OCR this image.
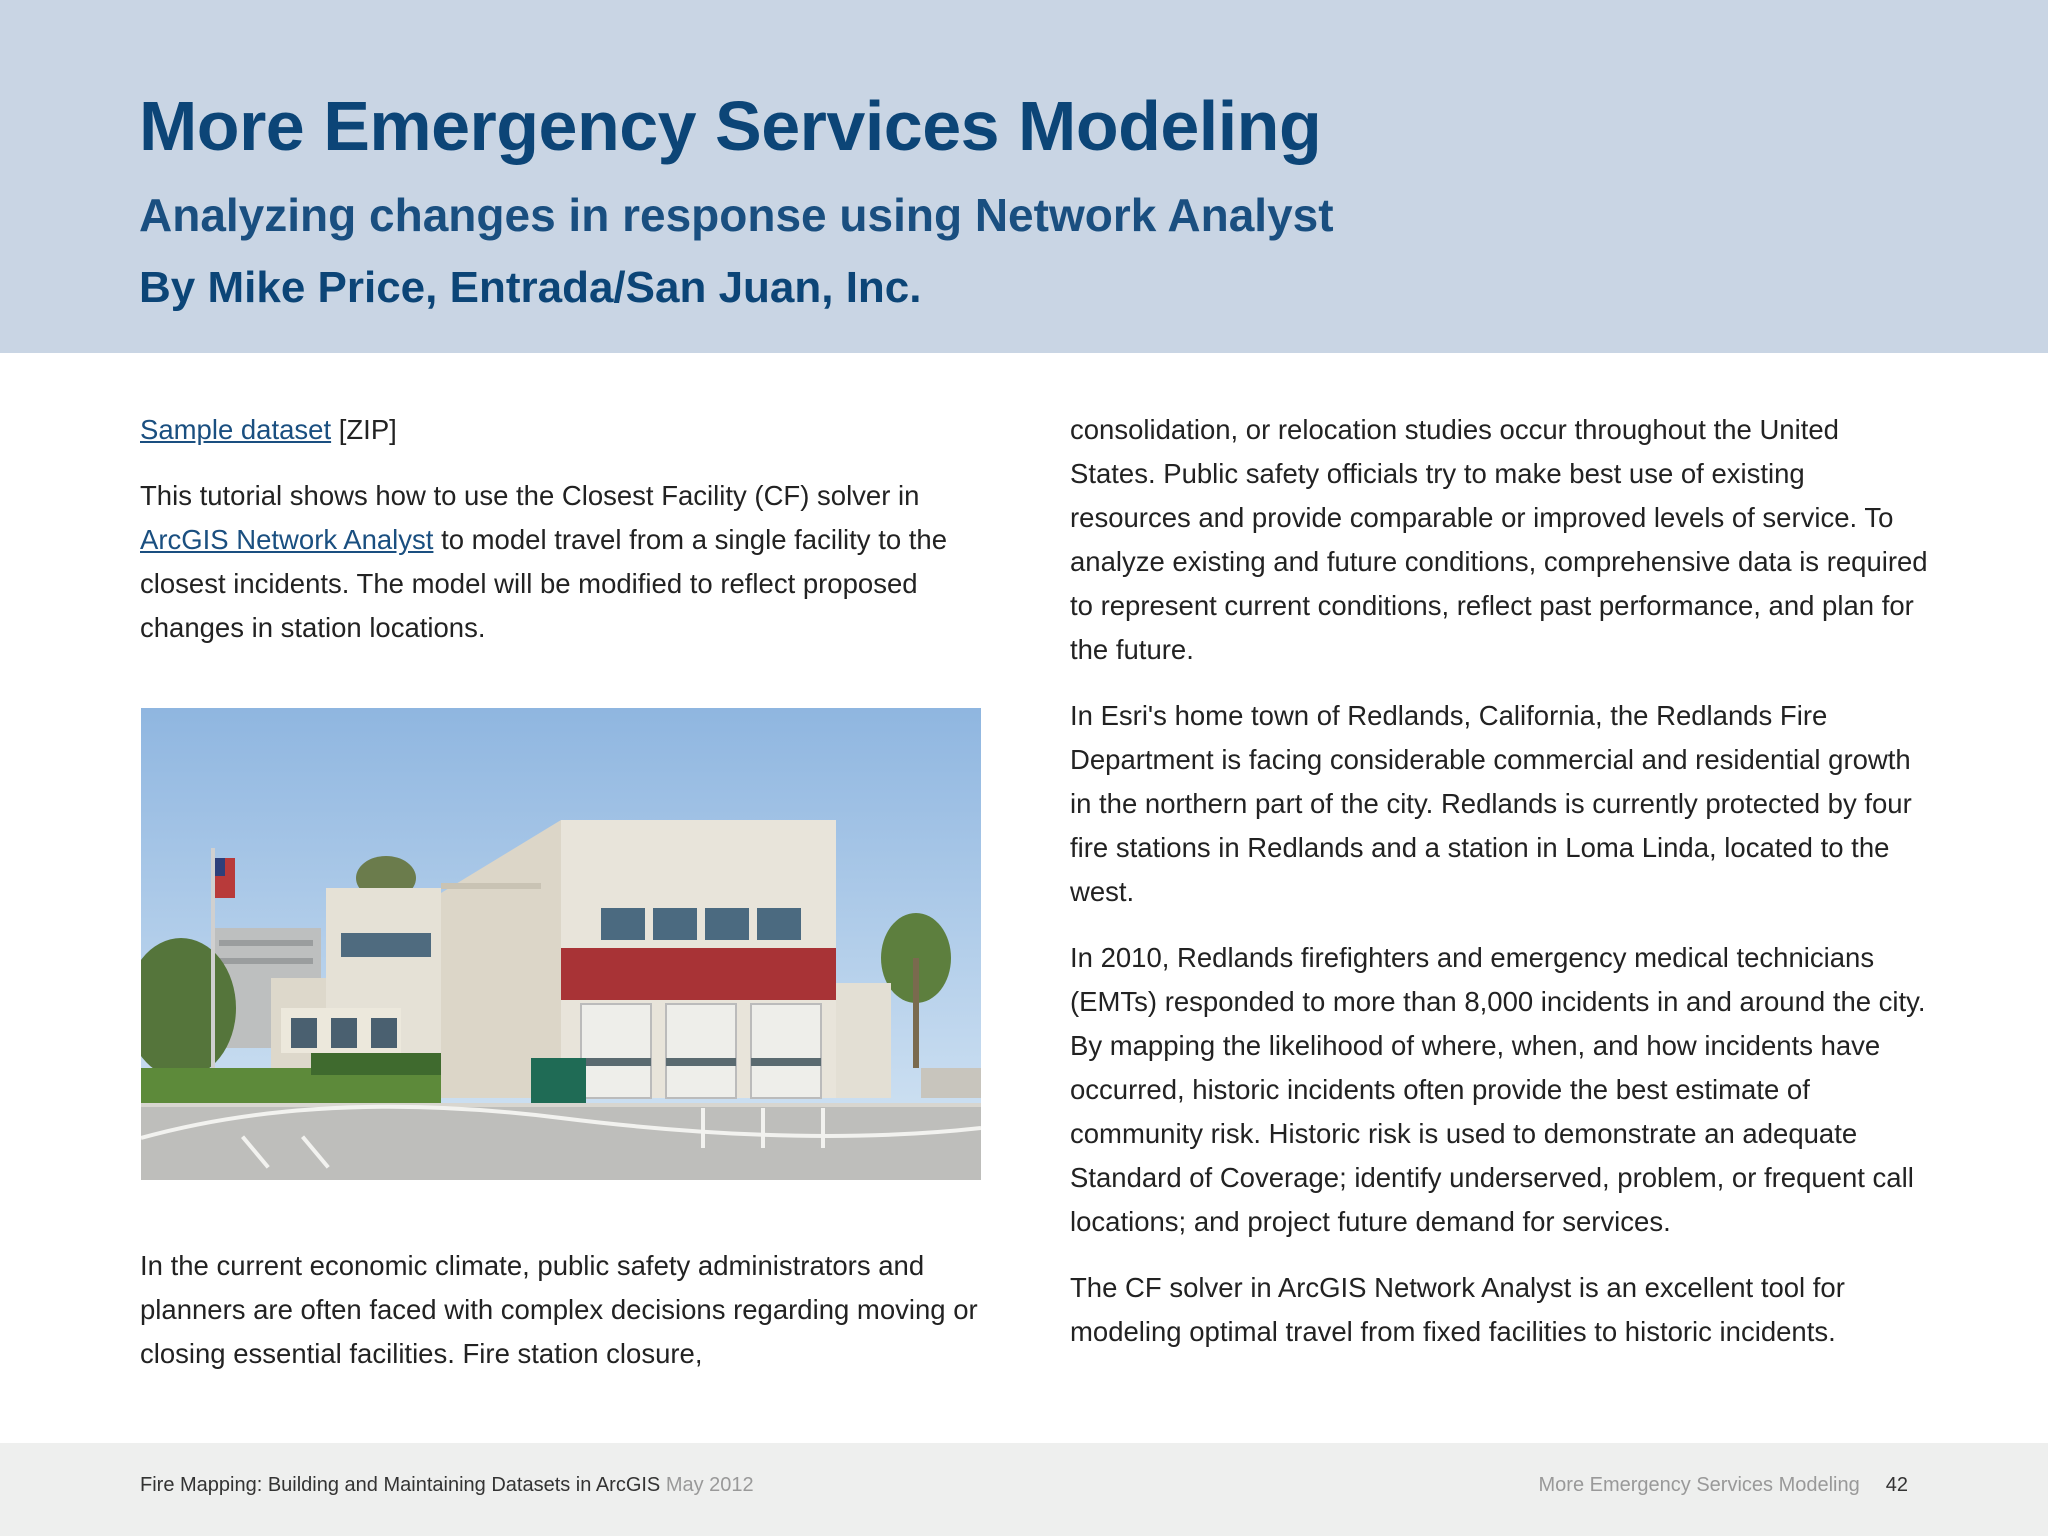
More Emergency Services Modeling
Analyzing changes in response using Network Analyst
By Mike Price, Entrada/San Juan, Inc.

Sample dataset [ZIP]

This tutorial shows how to use the Closest Facility (CF) solver in ArcGIS Network Analyst to model travel from a single facility to the closest incidents. The model will be modified to reflect proposed changes in station locations.

In the current economic climate, public safety administrators and planners are often faced with complex decisions regarding moving or closing essential facilities. Fire station closure,

consolidation, or relocation studies occur throughout the United States. Public safety officials try to make best use of existing resources and provide comparable or improved levels of service. To analyze existing and future conditions, comprehensive data is required to represent current conditions, reflect past performance, and plan for the future.

In Esri's home town of Redlands, California, the Redlands Fire Department is facing considerable commercial and residential growth in the northern part of the city. Redlands is currently protected by four fire stations in Redlands and a station in Loma Linda, located to the west.

In 2010, Redlands firefighters and emergency medical technicians (EMTs) responded to more than 8,000 incidents in and around the city. By mapping the likelihood of where, when, and how incidents have occurred, historic incidents often provide the best estimate of community risk. Historic risk is used to demonstrate an adequate Standard of Coverage; identify underserved, problem, or frequent call locations; and project future demand for services.

The CF solver in ArcGIS Network Analyst is an excellent tool for modeling optimal travel from fixed facilities to historic incidents.

Fire Mapping: Building and Maintaining Datasets in ArcGIS May 2012	More Emergency Services Modeling 42
